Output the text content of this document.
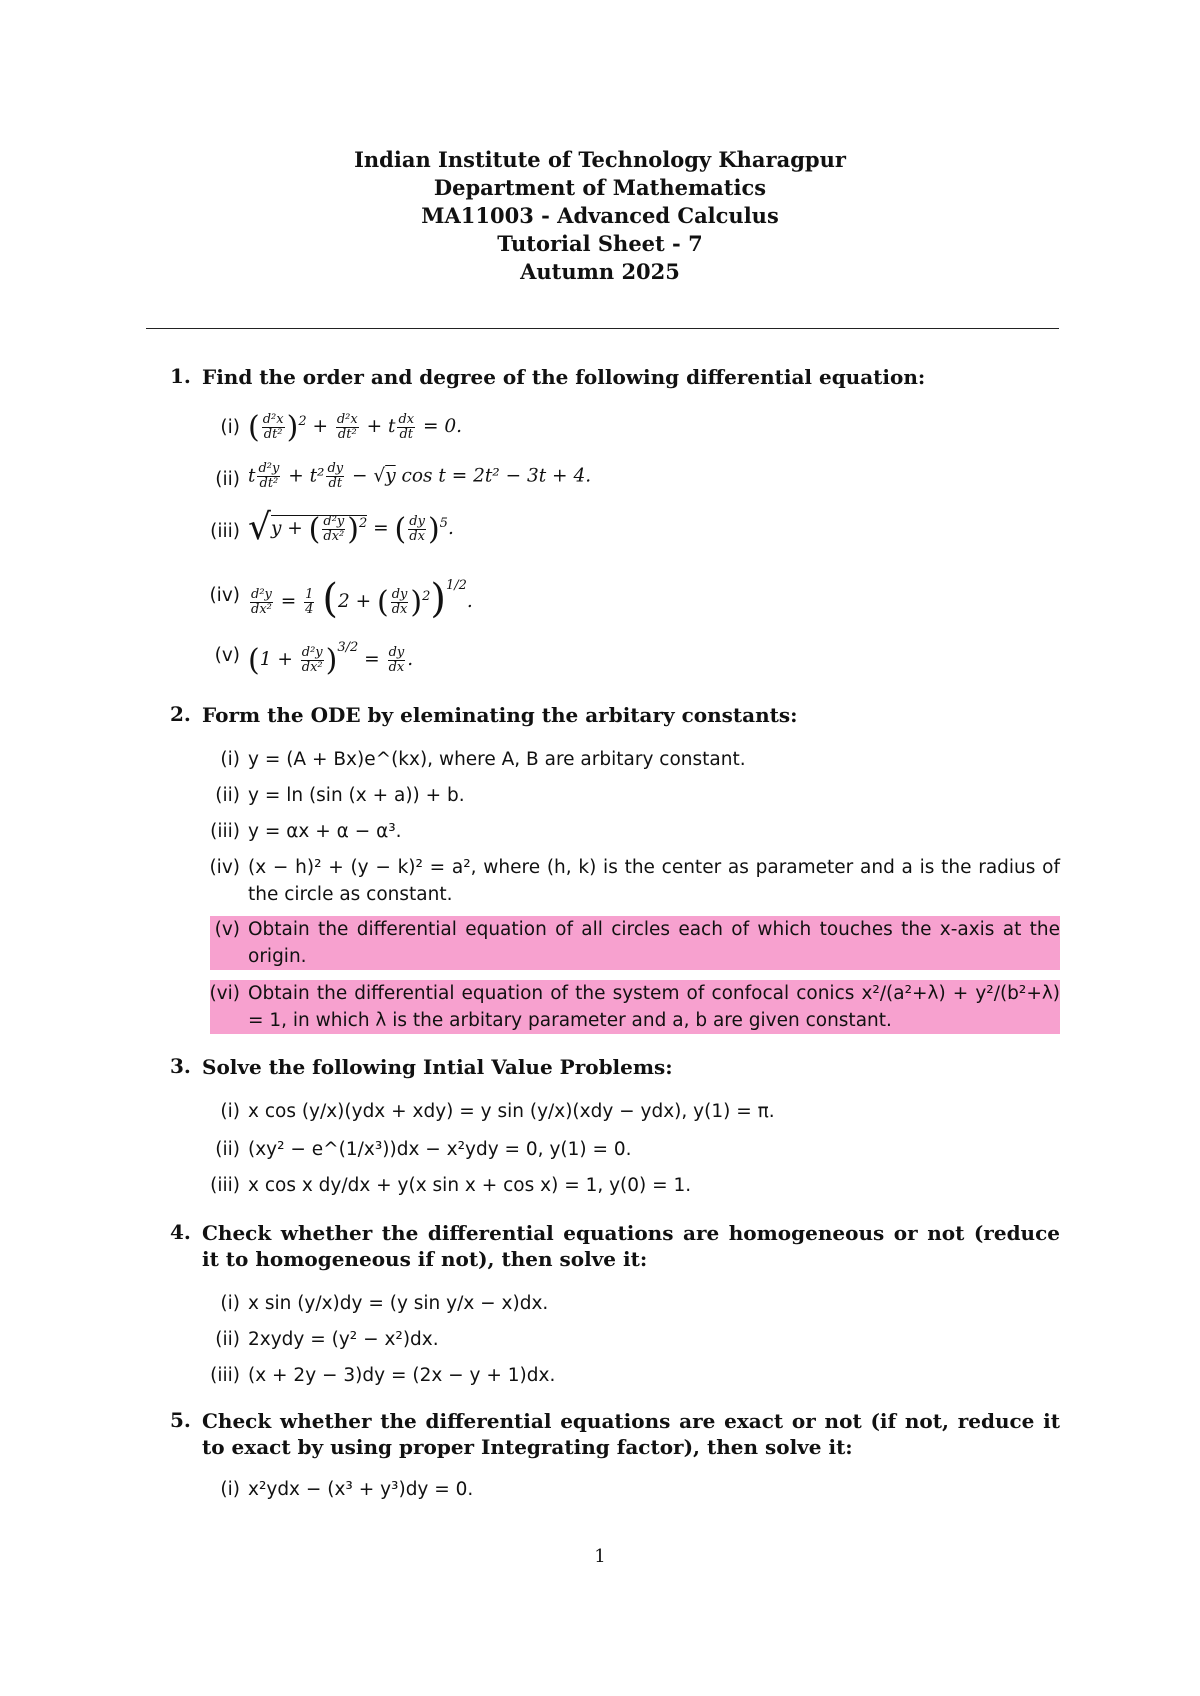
Indian Institute of Technology Kharagpur
Department of Mathematics
MA11003 - Advanced Calculus
Tutorial Sheet - 7
Autumn 2025
1. Find the order and degree of the following differential equation:
(i) ( $\frac{\text{d²x}}{\text{dt²}} )^2 + \frac{\text{d²x}}{\text{dt²}} + t \frac{dx}{dt} = 0$.
(ii) t $\frac{\text{d²y}}{\text{dt²}} + t^2 \frac{dy}{dt} - √y$ cos t = 2t² − 3t + 4.
(iii) √y + ( $\frac{\text{d²y}}{\text{dx²}} )^2$ = ( $\frac{dy}{dx} )^5$.
$(iv) \frac{\text{d²y}}{\text{dx²}} = \frac{1}{4} (2$ + ( $\frac{dy}{dx} )^2)^{1/2}$.
(v) $(1 + \frac{\text{d²y}}{\text{dx²}} )^{3/2} = \frac{dy}{dx}$ .
2. Form the ODE by eleminating the arbitary constants:
(i) y = (A + Bx)e^(kx), where A, B are arbitary constant.
(ii) y = ln (sin (x + a)) + b.
(iii) y = αx + α − α³.
(iv) (x − h)² + (y − k)² = a², where (h, k) is the center as parameter and a is the radius of the circle as constant.
(v) Obtain the differential equation of all circles each of which touches the x-axis at the origin.
(vi) Obtain the differential equation of the system of confocal conics x²/(a²+λ) + y²/(b²+λ) = 1, in which λ is the arbitary parameter and a, b are given constant.
3. Solve the following Intial Value Problems:
(i) x cos (y/x)(ydx + xdy) = y sin (y/x)(xdy − ydx), y(1) = π.
(ii) (xy² − e^(1/x³))dx − x²ydy = 0, y(1) = 0.
(iii) x cos x dy/dx + y(x sin x + cos x) = 1, y(0) = 1.
4. Check whether the differential equations are homogeneous or not (reduce it to homogeneous if not), then solve it:
(i) x sin (y/x)dy = (y sin y/x − x)dx.
(ii) 2xydy = (y² − x²)dx.
(iii) (x + 2y − 3)dy = (2x − y + 1)dx.
5. Check whether the differential equations are exact or not (if not, reduce it to exact by using proper Integrating factor), then solve it:
(i) x²ydx − (x³ + y³)dy = 0.
1
